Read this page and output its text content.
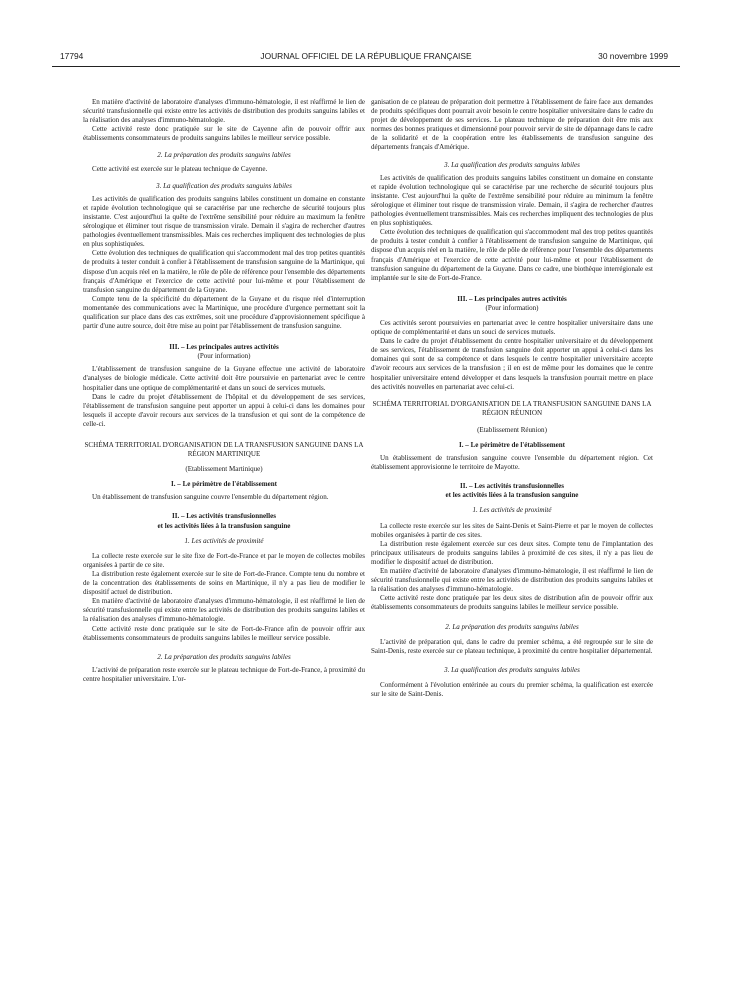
17794	JOURNAL OFFICIEL DE LA RÉPUBLIQUE FRANÇAISE	30 novembre 1999

En matière d'activité de laboratoire d'analyses d'immuno-hématologie, il est réaffirmé le lien de sécurité transfusionnelle qui existe entre les activités de distribution des produits sanguins labiles et la réalisation des analyses d'immuno-hématologie.

Cette activité reste donc pratiquée sur le site de Cayenne afin de pouvoir offrir aux établissements consommateurs de produits sanguins labiles le meilleur service possible.

2. La préparation des produits sanguins labiles

Cette activité est exercée sur le plateau technique de Cayenne.

3. La qualification des produits sanguins labiles

Les activités de qualification des produits sanguins labiles constituent un domaine en constante et rapide évolution technologique qui se caractérise par une recherche de sécurité toujours plus insistante. C'est aujourd'hui la quête de l'extrême sensibilité pour réduire au maximum la fenêtre sérologique et éliminer tout risque de transmission virale. Demain il s'agira de rechercher d'autres pathologies éventuellement transmissibles. Mais ces recherches impliquent des technologies de plus en plus sophistiquées.

Cette évolution des techniques de qualification qui s'accommodent mal des trop petites quantités de produits à tester conduit à confier à l'établissement de transfusion sanguine de la Martinique, qui dispose d'un acquis réel en la matière, le rôle de pôle de référence pour l'ensemble des départements français d'Amérique et l'exercice de cette activité pour lui-même et pour l'établissement de transfusion sanguine du département de la Guyane.

Compte tenu de la spécificité du département de la Guyane et du risque réel d'interruption momentanée des communications avec la Martinique, une procédure d'urgence permettant soit la qualification sur place dans des cas extrêmes, soit une procédure d'approvisionnement spécifique à partir d'une autre source, doit être mise au point par l'établissement de transfusion sanguine.

III. – Les principales autres activités

(Pour information)

L'établissement de transfusion sanguine de la Guyane effectue une activité de laboratoire d'analyses de biologie médicale. Cette activité doit être poursuivie en partenariat avec le centre hospitalier dans une optique de complémentarité et dans un souci de services mutuels.

Dans le cadre du projet d'établissement de l'hôpital et du développement de ses services, l'établissement de transfusion sanguine peut apporter un appui à celui-ci dans les domaines pour lesquels il accepte d'avoir recours aux services de la transfusion et qui sont de la compétence de celle-ci.

SCHÉMA TERRITORIAL D'ORGANISATION DE LA TRANSFUSION SANGUINE DANS LA RÉGION MARTINIQUE

(Etablissement Martinique)

I. – Le périmètre de l'établissement

Un établissement de transfusion sanguine couvre l'ensemble du département région.

II. – Les activités transfusionnelles

et les activités liées à la transfusion sanguine

1. Les activités de proximité

La collecte reste exercée sur le site fixe de Fort-de-France et par le moyen de collectes mobiles organisées à partir de ce site.

La distribution reste également exercée sur le site de Fort-de-France. Compte tenu du nombre et de la concentration des établissements de soins en Martinique, il n'y a pas lieu de modifier le dispositif actuel de distribution.

En matière d'activité de laboratoire d'analyses d'immuno-hématologie, il est réaffirmé le lien de sécurité transfusionnelle qui existe entre les activités de distribution des produits sanguins labiles et la réalisation des analyses d'immuno-hématologie.

Cette activité reste donc pratiquée sur le site de Fort-de-France afin de pouvoir offrir aux établissements consommateurs de produits sanguins labiles le meilleur service possible.

2. La préparation des produits sanguins labiles

L'activité de préparation reste exercée sur le plateau technique de Fort-de-France, à proximité du centre hospitalier universitaire. L'or-

ganisation de ce plateau de préparation doit permettre à l'établissement de faire face aux demandes de produits spécifiques dont pourrait avoir besoin le centre hospitalier universitaire dans le cadre du projet de développement de ses services. Le plateau technique de préparation doit être mis aux normes des bonnes pratiques et dimensionné pour pouvoir servir de site de dépannage dans le cadre de la solidarité et de la coopération entre les établissements de transfusion sanguine des départements français d'Amérique.

3. La qualification des produits sanguins labiles

Les activités de qualification des produits sanguins labiles constituent un domaine en constante et rapide évolution technologique qui se caractérise par une recherche de sécurité toujours plus insistante. C'est aujourd'hui la quête de l'extrême sensibilité pour réduire au minimum la fenêtre sérologique et éliminer tout risque de transmission virale. Demain, il s'agira de rechercher d'autres pathologies éventuellement transmissibles. Mais ces recherches impliquent des technologies de plus en plus sophistiquées.

Cette évolution des techniques de qualification qui s'accommodent mal des trop petites quantités de produits à tester conduit à confier à l'établissement de transfusion sanguine de Martinique, qui dispose d'un acquis réel en la matière, le rôle de pôle de référence pour l'ensemble des départements français d'Amérique et l'exercice de cette activité pour lui-même et pour l'établissement de transfusion sanguine du département de la Guyane. Dans ce cadre, une biothèque interrégionale est implantée sur le site de Fort-de-France.

III. – Les principales autres activités

(Pour information)

Ces activités seront poursuivies en partenariat avec le centre hospitalier universitaire dans une optique de complémentarité et dans un souci de services mutuels.

Dans le cadre du projet d'établissement du centre hospitalier universitaire et du développement de ses services, l'établissement de transfusion sanguine doit apporter un appui à celui-ci dans les domaines qui sont de sa compétence et dans lesquels le centre hospitalier universitaire accepte d'avoir recours aux services de la transfusion ; il en est de même pour les domaines que le centre hospitalier universitaire entend développer et dans lesquels la transfusion pourrait mettre en place des activités nouvelles en partenariat avec celui-ci.

SCHÉMA TERRITORIAL D'ORGANISATION DE LA TRANSFUSION SANGUINE DANS LA RÉGION RÉUNION

(Etablissement Réunion)

I. – Le périmètre de l'établissement

Un établissement de transfusion sanguine couvre l'ensemble du département région. Cet établissement approvisionne le territoire de Mayotte.

II. – Les activités transfusionnelles

et les activités liées à la transfusion sanguine

1. Les activités de proximité

La collecte reste exercée sur les sites de Saint-Denis et Saint-Pierre et par le moyen de collectes mobiles organisées à partir de ces sites.

La distribution reste également exercée sur ces deux sites. Compte tenu de l'implantation des principaux utilisateurs de produits sanguins labiles à proximité de ces sites, il n'y a pas lieu de modifier le dispositif actuel de distribution.

En matière d'activité de laboratoire d'analyses d'immuno-hématologie, il est réaffirmé le lien de sécurité transfusionnelle qui existe entre les activités de distribution des produits sanguins labiles et la réalisation des analyses d'immuno-hématologie.

Cette activité reste donc pratiquée par les deux sites de distribution afin de pouvoir offrir aux établissements consommateurs de produits sanguins labiles le meilleur service possible.

2. La préparation des produits sanguins labiles

L'activité de préparation qui, dans le cadre du premier schéma, a été regroupée sur le site de Saint-Denis, reste exercée sur ce plateau technique, à proximité du centre hospitalier départemental.

3. La qualification des produits sanguins labiles

Conformément à l'évolution entérinée au cours du premier schéma, la qualification est exercée sur le site de Saint-Denis.
